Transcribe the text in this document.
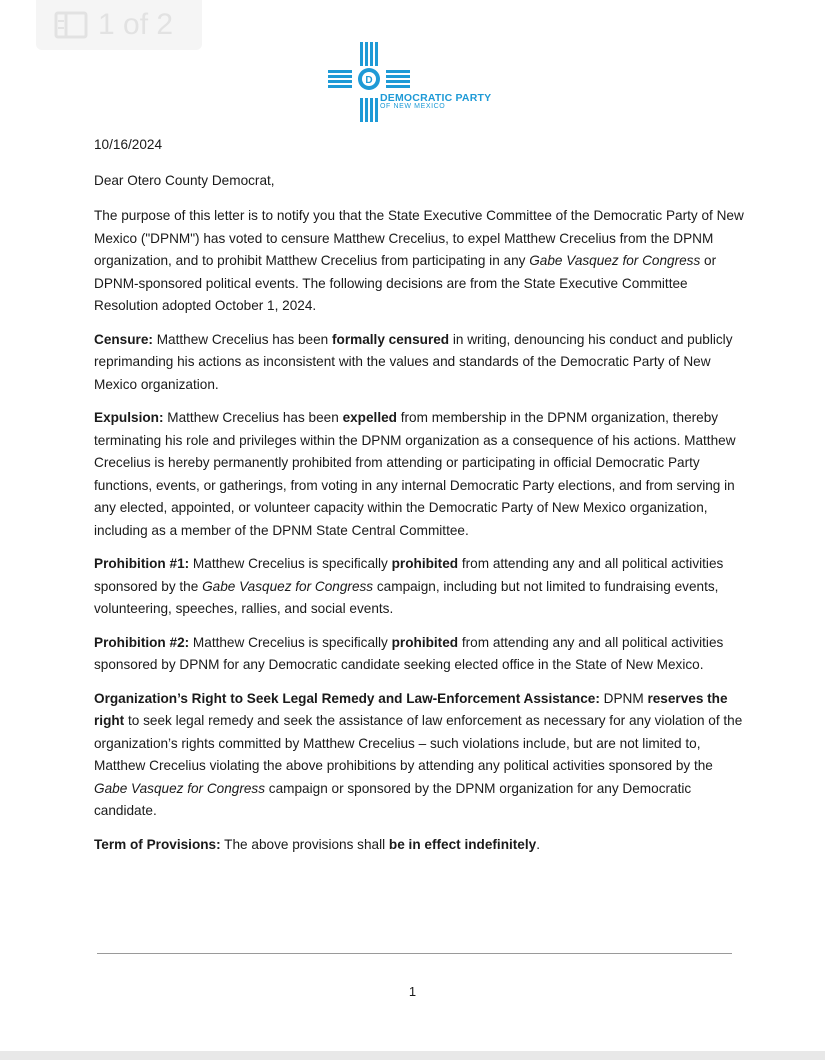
1 of 2
D
DEMOCRATIC PARTY
OF NEW MEXICO

10/16/2024

Dear Otero County Democrat,

The purpose of this letter is to notify you that the State Executive Committee of the Democratic Party of New Mexico ("DPNM") has voted to censure Matthew Crecelius, to expel Matthew Crecelius from the DPNM organization, and to prohibit Matthew Crecelius from participating in any Gabe Vasquez for Congress or DPNM-sponsored political events. The following decisions are from the State Executive Committee Resolution adopted October 1, 2024.

Censure: Matthew Crecelius has been formally censured in writing, denouncing his conduct and publicly reprimanding his actions as inconsistent with the values and standards of the Democratic Party of New Mexico organization.

Expulsion: Matthew Crecelius has been expelled from membership in the DPNM organization, thereby terminating his role and privileges within the DPNM organization as a consequence of his actions. Matthew Crecelius is hereby permanently prohibited from attending or participating in official Democratic Party functions, events, or gatherings, from voting in any internal Democratic Party elections, and from serving in any elected, appointed, or volunteer capacity within the Democratic Party of New Mexico organization, including as a member of the DPNM State Central Committee.

Prohibition #1: Matthew Crecelius is specifically prohibited from attending any and all political activities sponsored by the Gabe Vasquez for Congress campaign, including but not limited to fundraising events, volunteering, speeches, rallies, and social events.

Prohibition #2: Matthew Crecelius is specifically prohibited from attending any and all political activities sponsored by DPNM for any Democratic candidate seeking elected office in the State of New Mexico.

Organization’s Right to Seek Legal Remedy and Law-Enforcement Assistance: DPNM reserves the right to seek legal remedy and seek the assistance of law enforcement as necessary for any violation of the organization’s rights committed by Matthew Crecelius – such violations include, but are not limited to, Matthew Crecelius violating the above prohibitions by attending any political activities sponsored by the Gabe Vasquez for Congress campaign or sponsored by the DPNM organization for any Democratic candidate.

Term of Provisions: The above provisions shall be in effect indefinitely.

1
